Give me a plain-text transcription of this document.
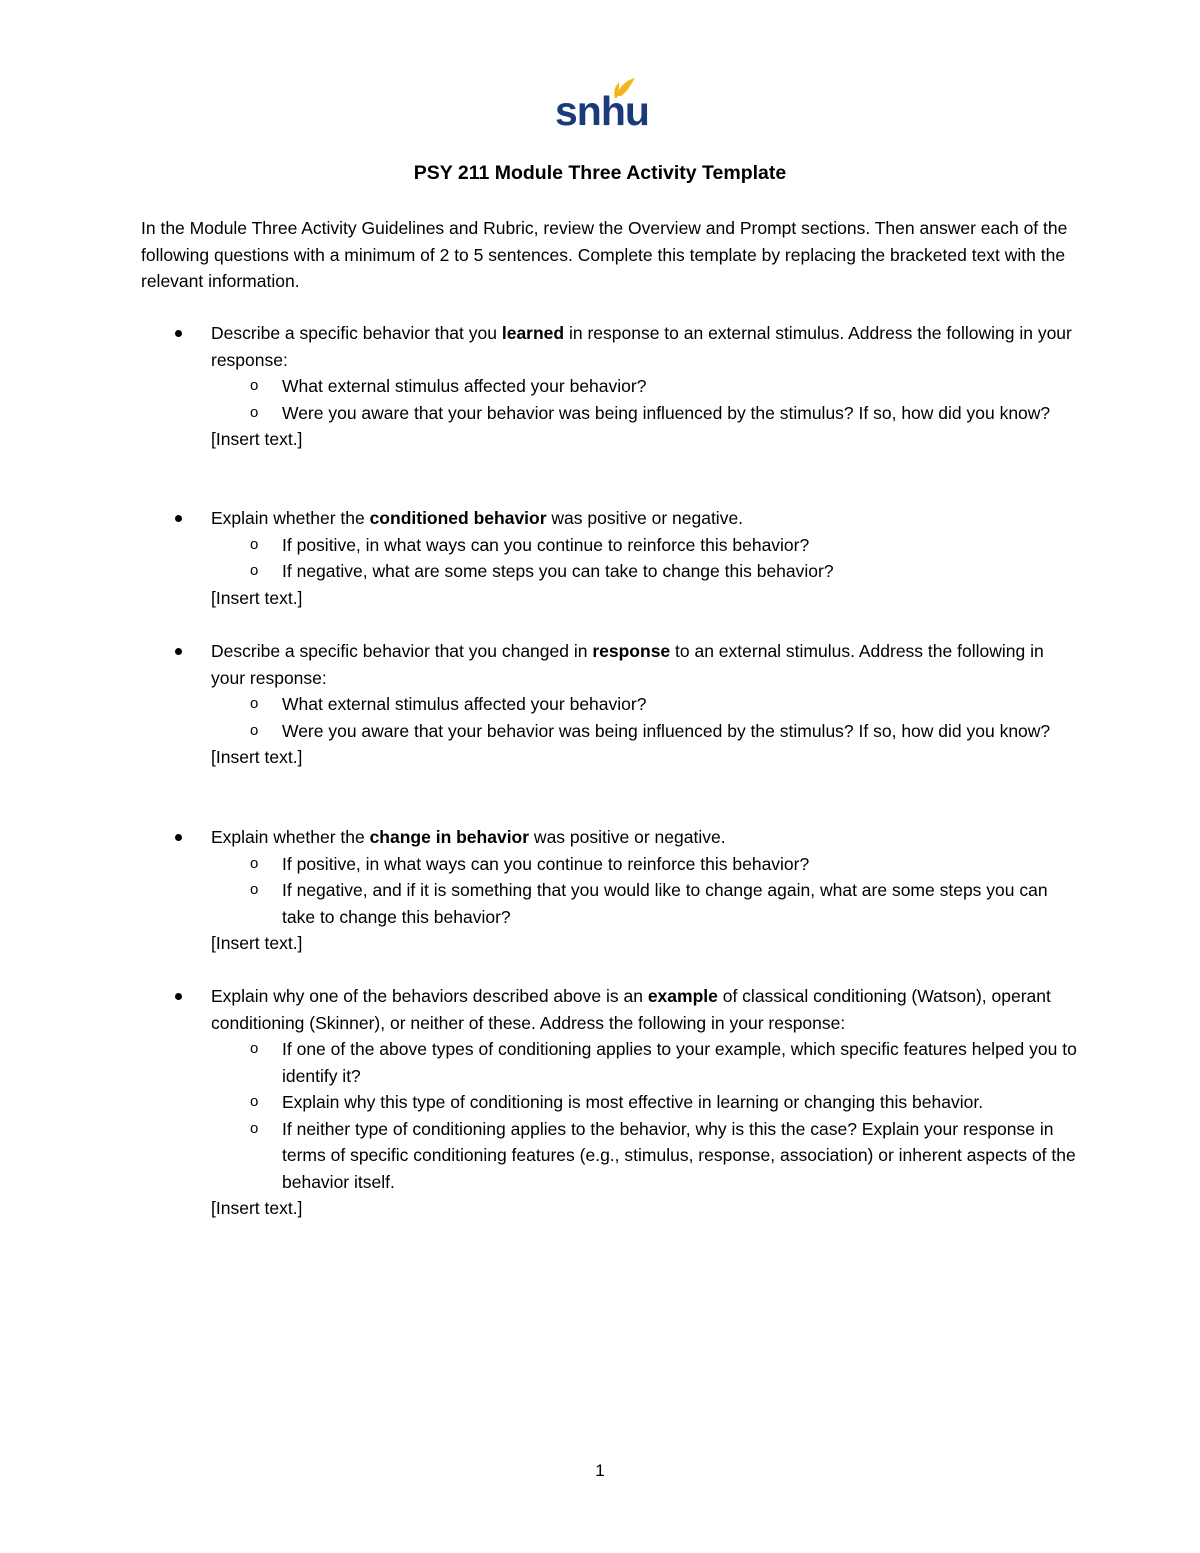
snhu
PSY 211 Module Three Activity Template

In the Module Three Activity Guidelines and Rubric, review the Overview and Prompt sections. Then answer each of the following questions with a minimum of 2 to 5 sentences. Complete this template by replacing the bracketed text with the relevant information.

Describe a specific behavior that you learned in response to an external stimulus. Address the following in your response:
o What external stimulus affected your behavior?
o Were you aware that your behavior was being influenced by the stimulus? If so, how did you know?
[Insert text.]
Explain whether the conditioned behavior was positive or negative.
o If positive, in what ways can you continue to reinforce this behavior?
o If negative, what are some steps you can take to change this behavior?
[Insert text.]
Describe a specific behavior that you changed in response to an external stimulus. Address the following in your response:
o What external stimulus affected your behavior?
o Were you aware that your behavior was being influenced by the stimulus? If so, how did you know?
[Insert text.]
Explain whether the change in behavior was positive or negative.
o If positive, in what ways can you continue to reinforce this behavior?
o If negative, and if it is something that you would like to change again, what are some steps you can take to change this behavior?
[Insert text.]
Explain why one of the behaviors described above is an example of classical conditioning (Watson), operant conditioning (Skinner), or neither of these. Address the following in your response:
o If one of the above types of conditioning applies to your example, which specific features helped you to identify it?
o Explain why this type of conditioning is most effective in learning or changing this behavior.
o If neither type of conditioning applies to the behavior, why is this the case? Explain your response in terms of specific conditioning features (e.g., stimulus, response, association) or inherent aspects of the behavior itself.
[Insert text.]
1
